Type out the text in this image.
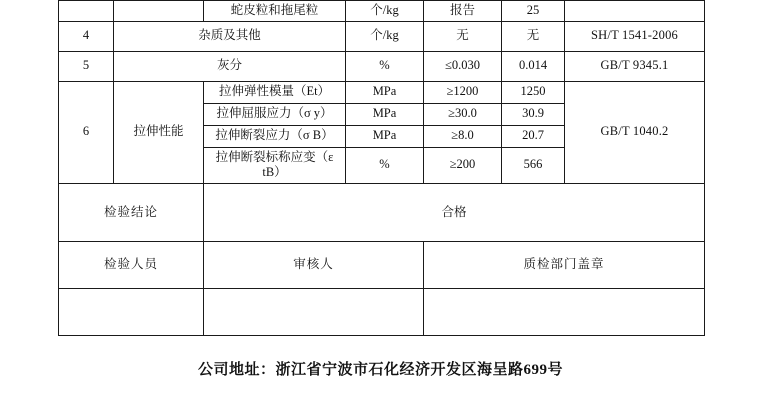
		蛇皮粒和拖尾粒	个/kg	报告	25	
4	杂质及其他		个/kg	无	无	SH/T 1541-2006
5	灰分		%	≤0.030	0.014	GB/T 9345.1
6	拉伸性能	拉伸弹性模量（Et）	MPa	≥1200	1250	GB/T 1040.2
		拉伸屈服应力（σ y）	MPa	≥30.0	30.9	
		拉伸断裂应力（σ B）	MPa	≥8.0	20.7	
		拉伸断裂标称应变（ε tB）	%	≥200	566	
检验结论		合格				
检验人员		审核人		质检部门盖章		

公司地址：浙江省宁波市石化经济开发区海呈路699号
